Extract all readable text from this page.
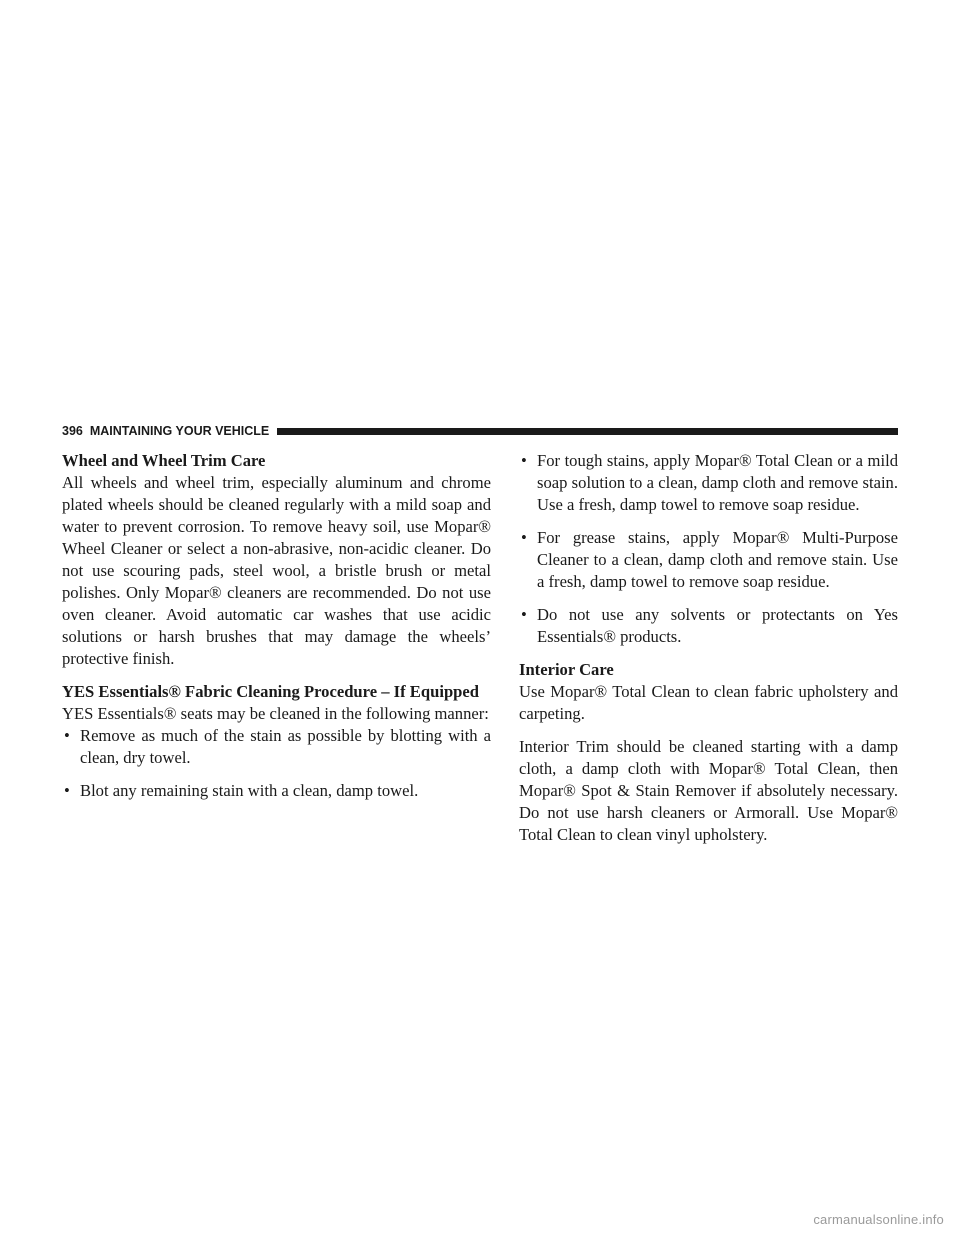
396 MAINTAINING YOUR VEHICLE
Wheel and Wheel Trim Care

All wheels and wheel trim, especially aluminum and chrome plated wheels should be cleaned regularly with a mild soap and water to prevent corrosion. To remove heavy soil, use Mopar® Wheel Cleaner or select a non-abrasive, non-acidic cleaner. Do not use scouring pads, steel wool, a bristle brush or metal polishes. Only Mopar® cleaners are recommended. Do not use oven cleaner. Avoid automatic car washes that use acidic solutions or harsh brushes that may damage the wheels’ protective finish.

YES Essentials® Fabric Cleaning Procedure – If Equipped

YES Essentials® seats may be cleaned in the following manner:

• Remove as much of the stain as possible by blotting with a clean, dry towel.
• Blot any remaining stain with a clean, damp towel.
• For tough stains, apply Mopar® Total Clean or a mild soap solution to a clean, damp cloth and remove stain. Use a fresh, damp towel to remove soap residue.
• For grease stains, apply Mopar® Multi-Purpose Cleaner to a clean, damp cloth and remove stain. Use a fresh, damp towel to remove soap residue.
• Do not use any solvents or protectants on Yes Essentials® products.
Interior Care

Use Mopar® Total Clean to clean fabric upholstery and carpeting.

Interior Trim should be cleaned starting with a damp cloth, a damp cloth with Mopar® Total Clean, then Mopar® Spot & Stain Remover if absolutely necessary. Do not use harsh cleaners or Armorall. Use Mopar® Total Clean to clean vinyl upholstery.

carmanualsonline.info
